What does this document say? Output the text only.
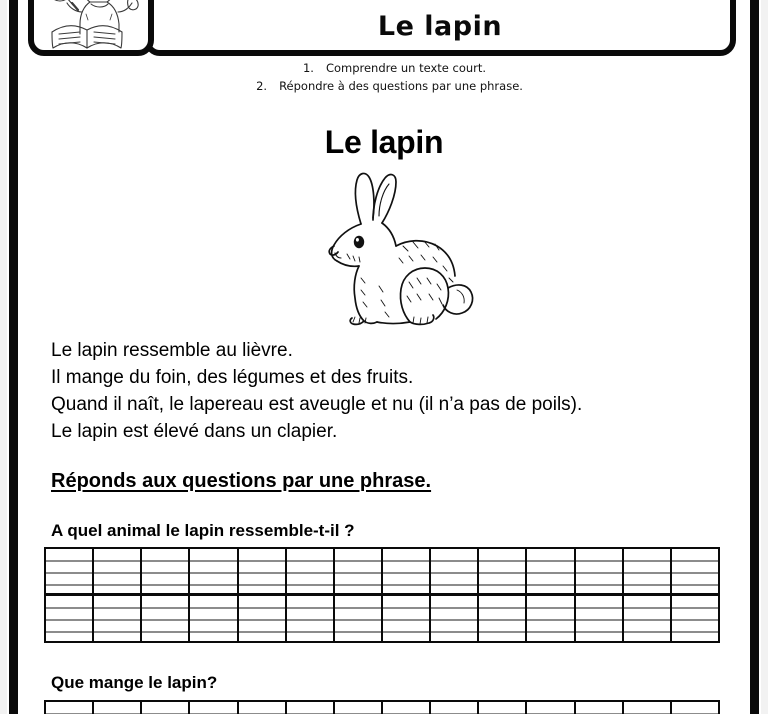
Le lapin
1. Comprendre un texte court.
2. Répondre à des questions par une phrase.
Le lapin

Le lapin ressemble au lièvre.

Il mange du foin, des légumes et des fruits.

Quand il naît, le lapereau est aveugle et nu (il n’a pas de poils).

Le lapin est élevé dans un clapier.

Réponds aux questions par une phrase.
A quel animal le lapin ressemble-t-il ?
Que mange le lapin?
